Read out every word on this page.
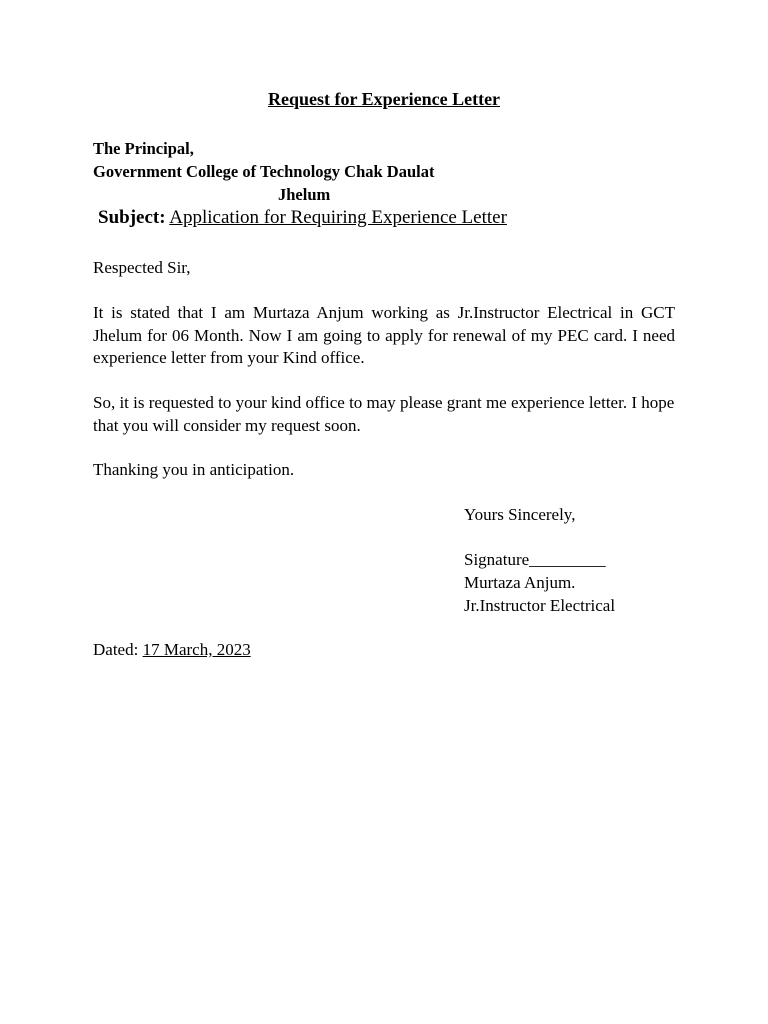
Request for Experience Letter
The Principal,
Government College of Technology Chak Daulat
Jhelum
Subject: Application for Requiring Experience Letter
Respected Sir,
It is stated that I am Murtaza Anjum working as Jr.Instructor Electrical in GCT Jhelum for 06 Month. Now I am going to apply for renewal of my PEC card. I need experience letter from your Kind office.
So, it is requested to your kind office to may please grant me experience letter. I hope that you will consider my request soon.
Thanking you in anticipation.
Yours Sincerely,
Signature_________
Murtaza Anjum.
Jr.Instructor Electrical
Dated: 17 March, 2023
